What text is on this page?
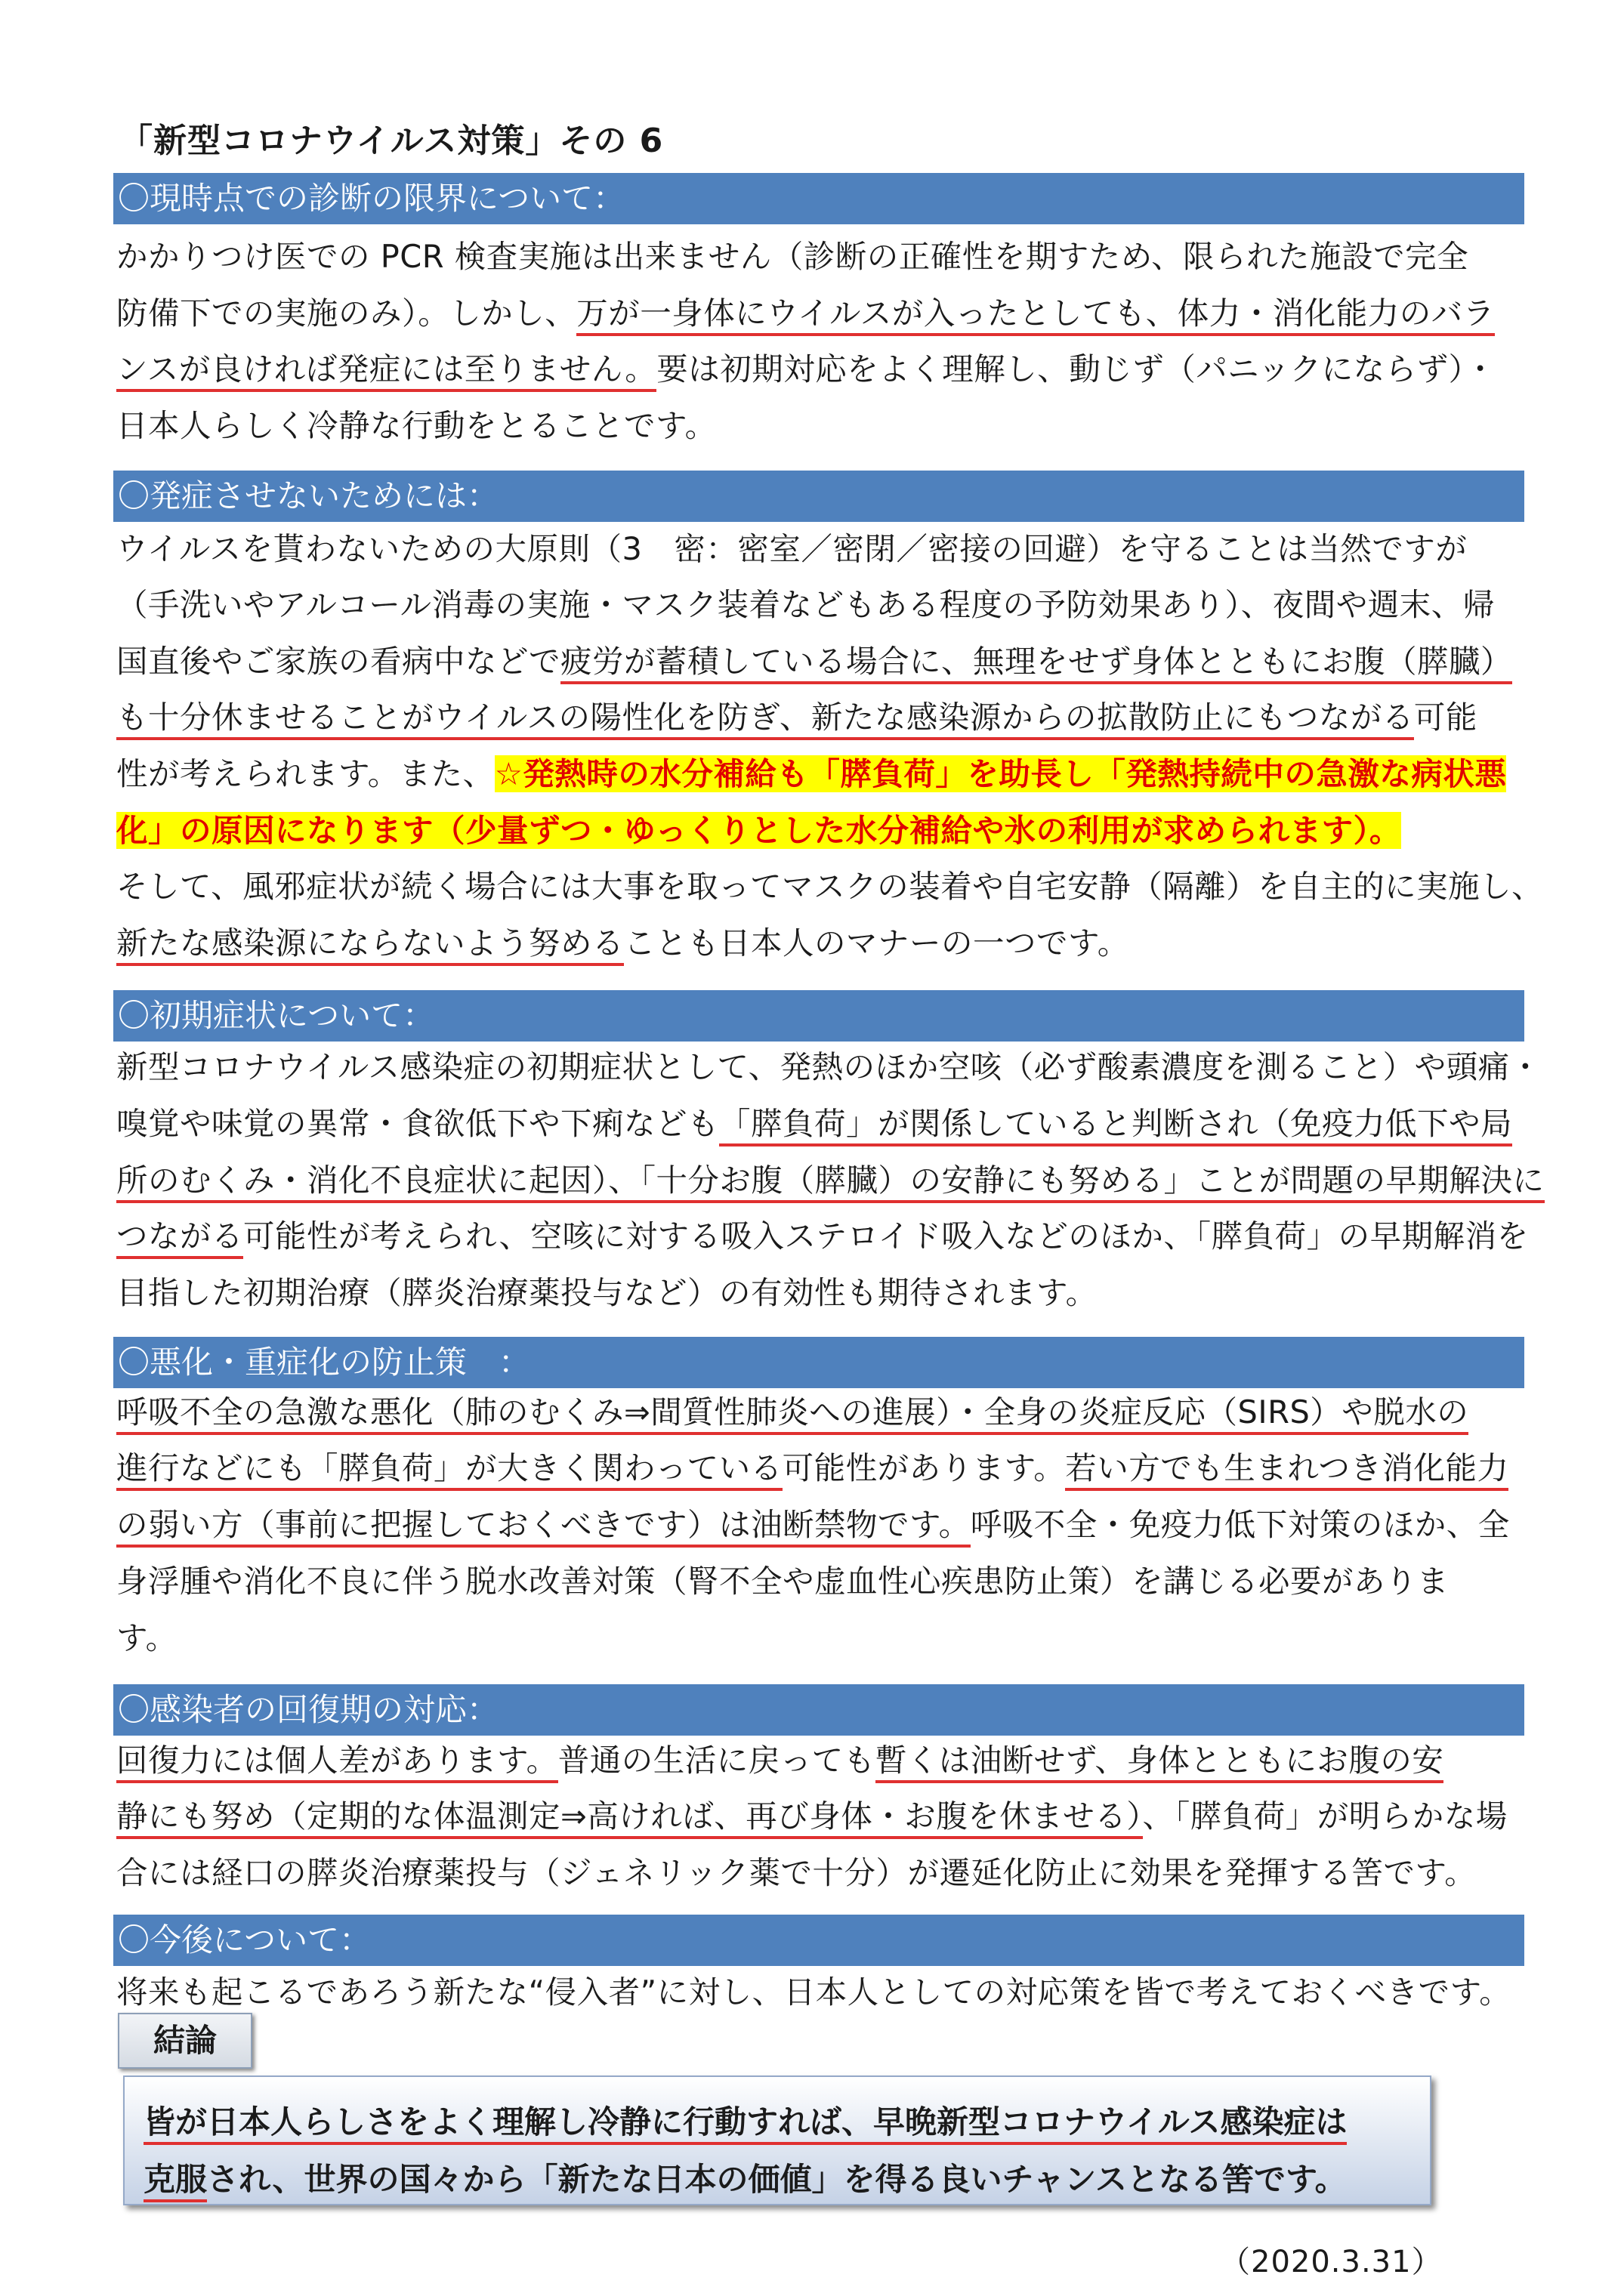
「新型コロナウイルス対策」その 6
〇現時点での診断の限界について：
かかりつけ医での PCR 検査実施は出来ません（診断の正確性を期すため、限られた施設で完全
防備下での実施のみ）。しかし、万が一身体にウイルスが入ったとしても、体力・消化能力のバラ
ンスが良ければ発症には至りません。要は初期対応をよく理解し、動じず（パニックにならず）・
日本人らしく冷静な行動をとることです。
〇発症させないためには：
ウイルスを貰わないための大原則（3　密：密室／密閉／密接の回避）を守ることは当然ですが
（手洗いやアルコール消毒の実施・マスク装着などもある程度の予防効果あり）、夜間や週末、帰
国直後やご家族の看病中などで疲労が蓄積している場合に、無理をせず身体とともにお腹（膵臓）
も十分休ませることがウイルスの陽性化を防ぎ、新たな感染源からの拡散防止にもつながる可能
性が考えられます。また、☆発熱時の水分補給も「膵負荷」を助長し「発熱持続中の急激な病状悪
化」の原因になります（少量ずつ・ゆっくりとした水分補給や氷の利用が求められます）。
そして、風邪症状が続く場合には大事を取ってマスクの装着や自宅安静（隔離）を自主的に実施し、
新たな感染源にならないよう努めることも日本人のマナーの一つです。
〇初期症状について：
新型コロナウイルス感染症の初期症状として、発熱のほか空咳（必ず酸素濃度を測ること）や頭痛・
嗅覚や味覚の異常・食欲低下や下痢なども「膵負荷」が関係していると判断され（免疫力低下や局
所のむくみ・消化不良症状に起因）、「十分お腹（膵臓）の安静にも努める」ことが問題の早期解決に
つながる可能性が考えられ、空咳に対する吸入ステロイド吸入などのほか、「膵負荷」の早期解消を
目指した初期治療（膵炎治療薬投与など）の有効性も期待されます。
〇悪化・重症化の防止策　：
呼吸不全の急激な悪化（肺のむくみ⇒間質性肺炎への進展）・全身の炎症反応（SIRS）や脱水の
進行などにも「膵負荷」が大きく関わっている可能性があります。若い方でも生まれつき消化能力
の弱い方（事前に把握しておくべきです）は油断禁物です。呼吸不全・免疫力低下対策のほか、全
身浮腫や消化不良に伴う脱水改善対策（腎不全や虚血性心疾患防止策）を講じる必要がありま
す。
〇感染者の回復期の対応：
回復力には個人差があります。普通の生活に戻っても暫くは油断せず、身体とともにお腹の安
静にも努め（定期的な体温測定⇒高ければ、再び身体・お腹を休ませる）、「膵負荷」が明らかな場
合には経口の膵炎治療薬投与（ジェネリック薬で十分）が遷延化防止に効果を発揮する筈です。
〇今後について：
将来も起こるであろう新たな“侵入者”に対し、日本人としての対応策を皆で考えておくべきです。
結論
皆が日本人らしさをよく理解し冷静に行動すれば、早晩新型コロナウイルス感染症は
克服され、世界の国々から「新たな日本の価値」を得る良いチャンスとなる筈です。
（2020.3.31）
